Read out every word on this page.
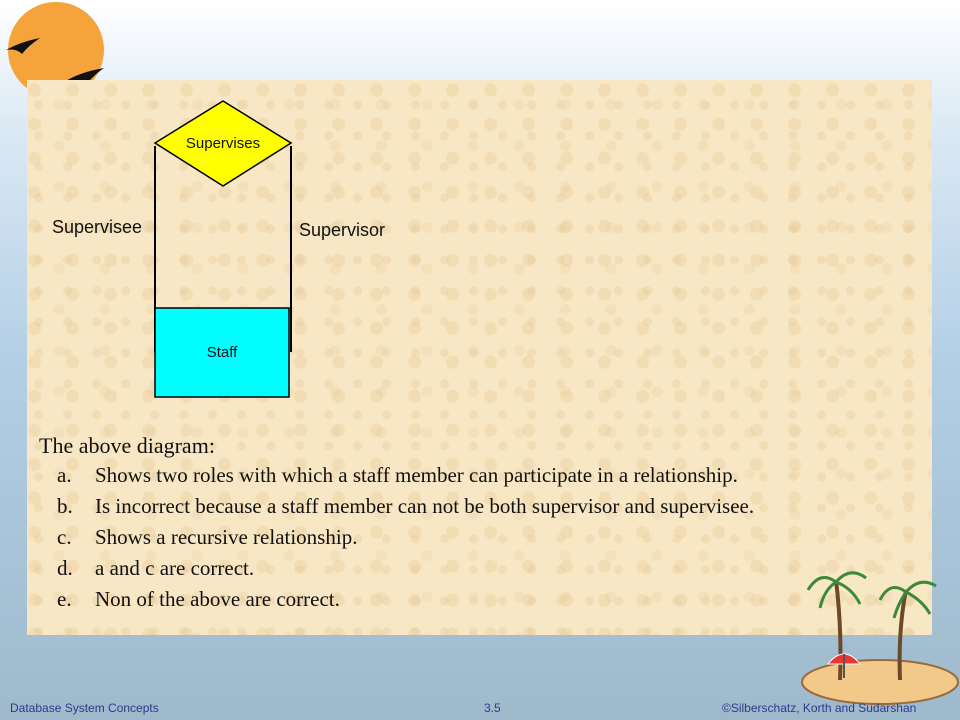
Supervises
Staff
Supervisee	Supervisor

The above diagram:

a.	Shows two roles with which a staff member can participate in a relationship.
b.	Is incorrect because a staff member can not be both supervisor and supervisee.
c.	Shows a recursive relationship.
d.	a and c are correct.
e.	Non of the above are correct.
Database System Concepts	3.5	©Silberschatz, Korth and Sudarshan
